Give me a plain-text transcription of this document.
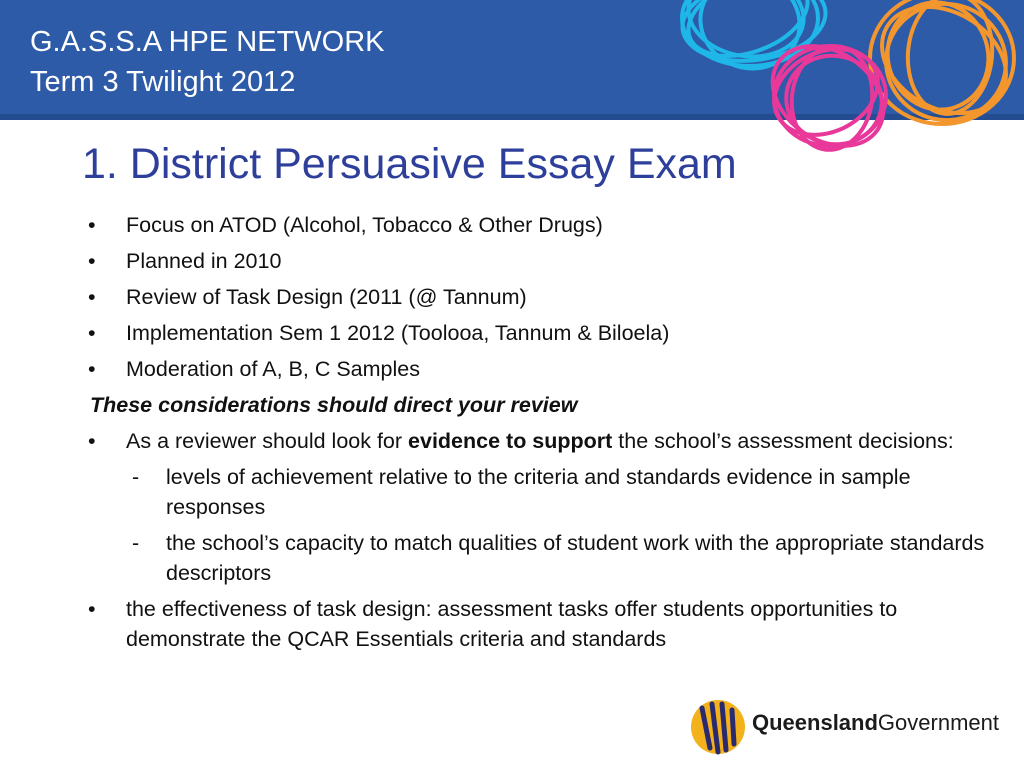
G.A.S.S.A HPE NETWORK
Term 3 Twilight 2012
1. District Persuasive Essay Exam
• Focus on ATOD (Alcohol, Tobacco & Other Drugs)
• Planned in 2010
• Review of Task Design (2011 (@ Tannum)
• Implementation Sem 1 2012 (Toolooa, Tannum & Biloela)
• Moderation of A, B, C Samples
These considerations should direct your review
• As a reviewer should look for evidence to support the school’s assessment decisions:
- levels of achievement relative to the criteria and standards evidence in sample responses
- the school’s capacity to match qualities of student work with the appropriate standards descriptors
• the effectiveness of task design: assessment tasks offer students opportunities to demonstrate the QCAR Essentials criteria and standards
QueenslandGovernment
